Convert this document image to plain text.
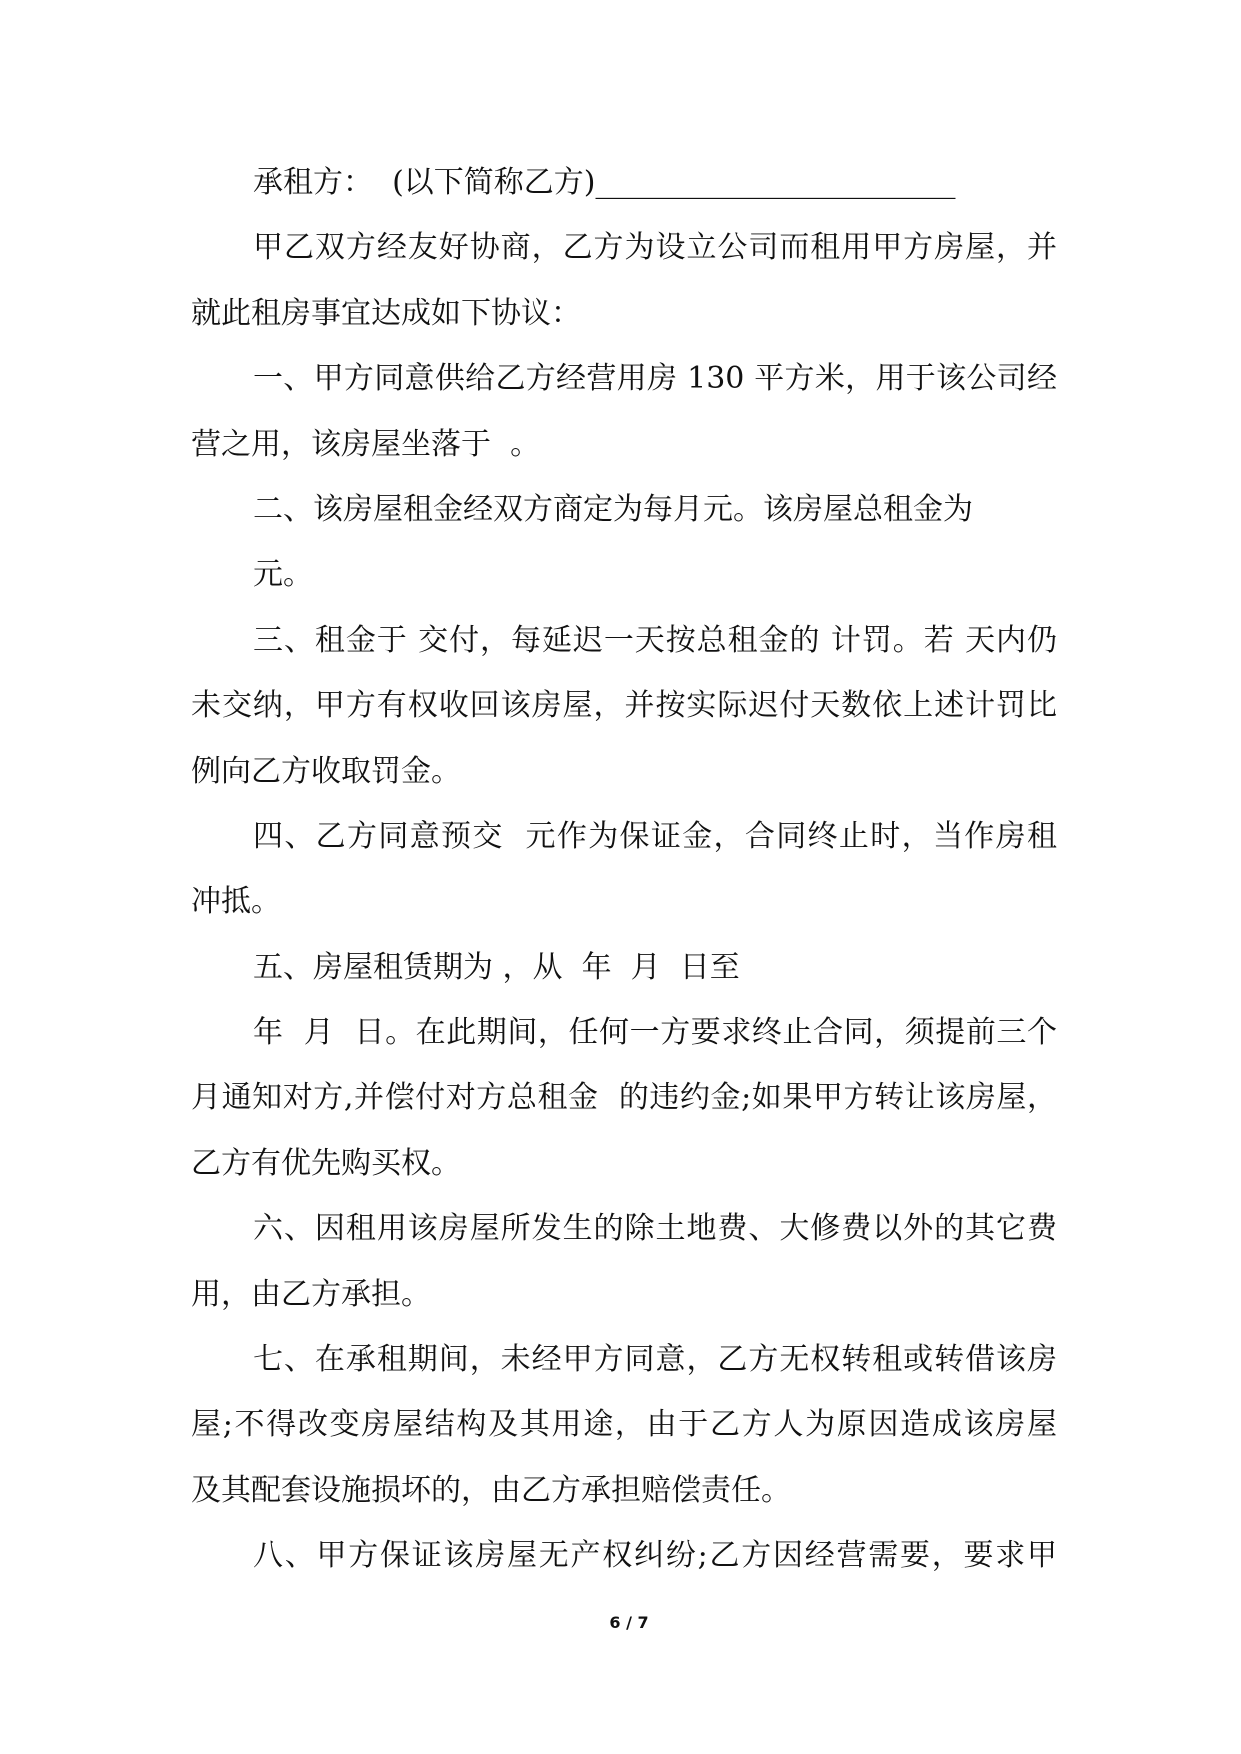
承租方：  (以下简称乙方)________________________
甲乙双方经友好协商，乙方为设立公司而租用甲方房屋，并
就此租房事宜达成如下协议：
一、甲方同意供给乙方经营用房 130 平方米，用于该公司经
营之用，该房屋坐落于  。
二、该房屋租金经双方商定为每月元。该房屋总租金为
元。
三、租金于 交付，每延迟一天按总租金的 计罚。若 天内仍
未交纳，甲方有权收回该房屋，并按实际迟付天数依上述计罚比
例向乙方收取罚金。
四、乙方同意预交  元作为保证金，合同终止时，当作房租
冲抵。
五、房屋租赁期为 ，从  年  月  日至
年  月  日。在此期间，任何一方要求终止合同，须提前三个
月通知对方,并偿付对方总租金  的违约金;如果甲方转让该房屋，
乙方有优先购买权。
六、因租用该房屋所发生的除土地费、大修费以外的其它费
用，由乙方承担。
七、在承租期间，未经甲方同意，乙方无权转租或转借该房
屋;不得改变房屋结构及其用途，由于乙方人为原因造成该房屋
及其配套设施损坏的，由乙方承担赔偿责任。
八、甲方保证该房屋无产权纠纷;乙方因经营需要，要求甲
6 / 7
